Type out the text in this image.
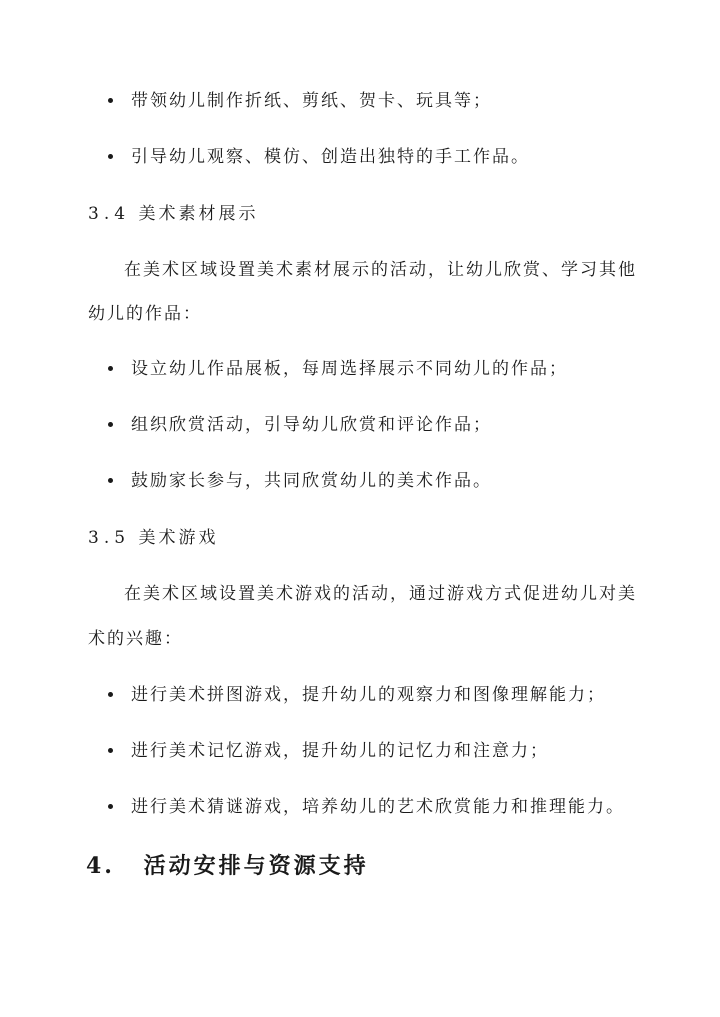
带领幼儿制作折纸、剪纸、贺卡、玩具等；
引导幼儿观察、模仿、创造出独特的手工作品。
3.4 美术素材展示
在美术区域设置美术素材展示的活动，让幼儿欣赏、学习其他
幼儿的作品：
设立幼儿作品展板，每周选择展示不同幼儿的作品；
组织欣赏活动，引导幼儿欣赏和评论作品；
鼓励家长参与，共同欣赏幼儿的美术作品。
3.5 美术游戏
在美术区域设置美术游戏的活动，通过游戏方式促进幼儿对美
术的兴趣：
进行美术拼图游戏，提升幼儿的观察力和图像理解能力；
进行美术记忆游戏，提升幼儿的记忆力和注意力；
进行美术猜谜游戏，培养幼儿的艺术欣赏能力和推理能力。
4. 活动安排与资源支持
